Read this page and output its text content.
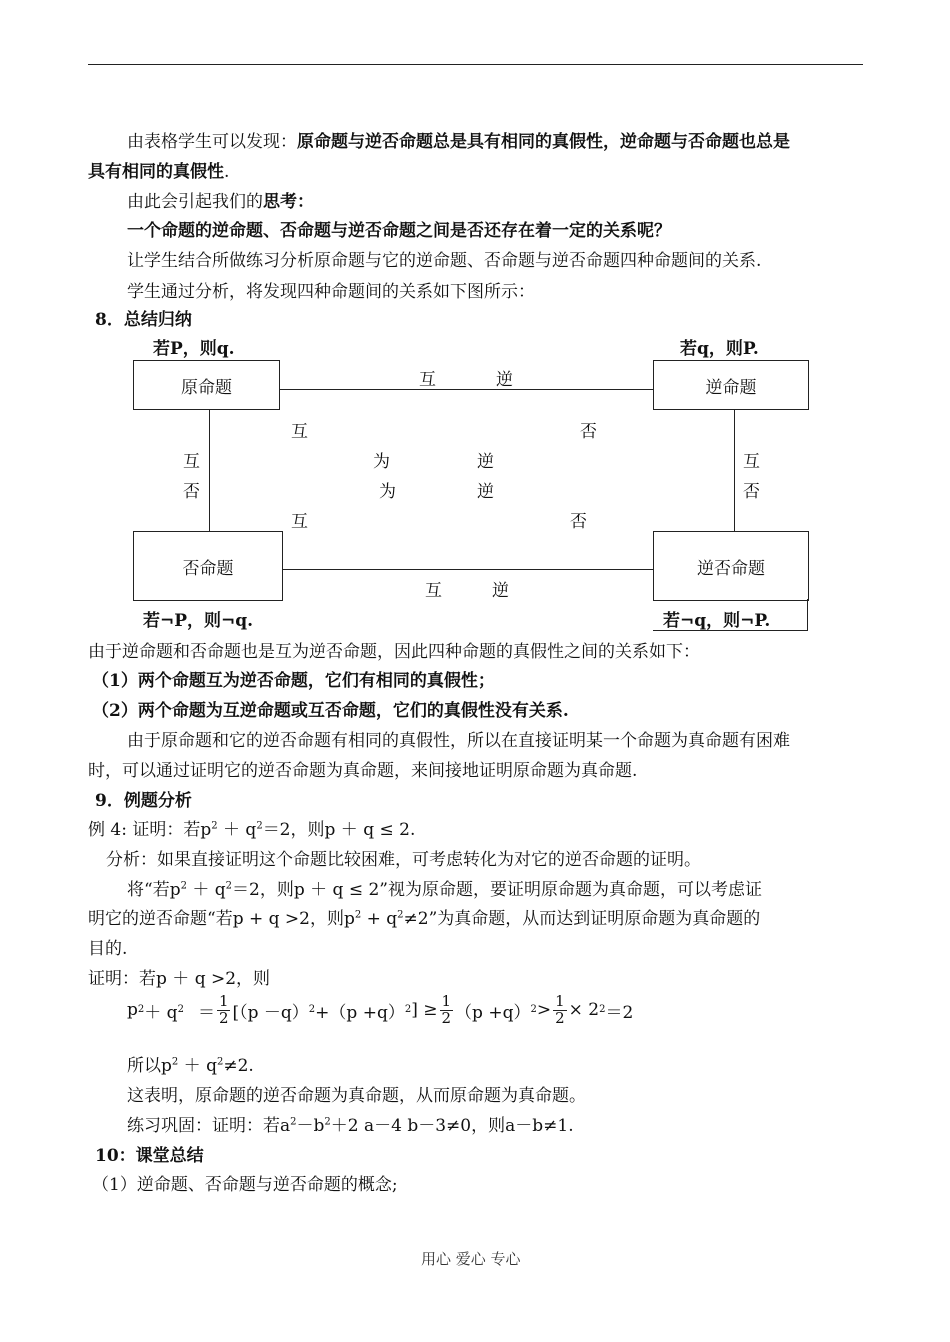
由表格学生可以发现：原命题与逆否命题总是具有相同的真假性，逆命题与否命题也总是
具有相同的真假性.
由此会引起我们的思考：
一个命题的逆命题、否命题与逆否命题之间是否还存在着一定的关系呢？
让学生结合所做练习分析原命题与它的逆命题、否命题与逆否命题四种命题间的关系.
学生通过分析，将发现四种命题间的关系如下图所示：
8．总结归纳
若P，则q.	若q，则P.
原命题	逆命题
否命题	逆否命题
互	逆
互	否
互
否
互
否
为	逆
为	逆
互	否
互	逆
若¬P，则¬q.	若¬q，则¬P.
由于逆命题和否命题也是互为逆否命题，因此四种命题的真假性之间的关系如下：
（1）两个命题互为逆否命题，它们有相同的真假性；
（2）两个命题为互逆命题或互否命题，它们的真假性没有关系.
由于原命题和它的逆否命题有相同的真假性，所以在直接证明某一个命题为真命题有困难
时，可以通过证明它的逆否命题为真命题，来间接地证明原命题为真命题.
9．例题分析
例 4: 证明：若$p^2 + q^2=2$，则p ＋ q ≤ 2.
分析：如果直接证明这个命题比较困难，可考虑转化为对它的逆否命题的证明。
将“若$p^2 + q^2=2$，则p ＋ q ≤ 2”视为原命题，要证明原命题为真命题，可以考虑证
明它的逆否命题“若p + q >2，则$p^2 + q^2\ne 2$”为真命题，从而达到证明原命题为真命题的
目的.
证明：若p ＋ q >2，则
p 2 ＋ q $2 = \frac{1}{2} [(p -q)$ 2 +（p +q） 2 ] ≥ $\frac{1}{2} (p +q) 2 > \frac{1}{2} \times 2$ 2 ＝2
所以$p^2 + q^2\ne 2$.
这表明，原命题的逆否命题为真命题，从而原命题为真命题。
练习巩固：证明：若$a^2-b^2+2$ a－4 b－3≠0，则a－b≠1.
10：课堂总结
（1）逆命题、否命题与逆否命题的概念;
用心 爱心 专心
